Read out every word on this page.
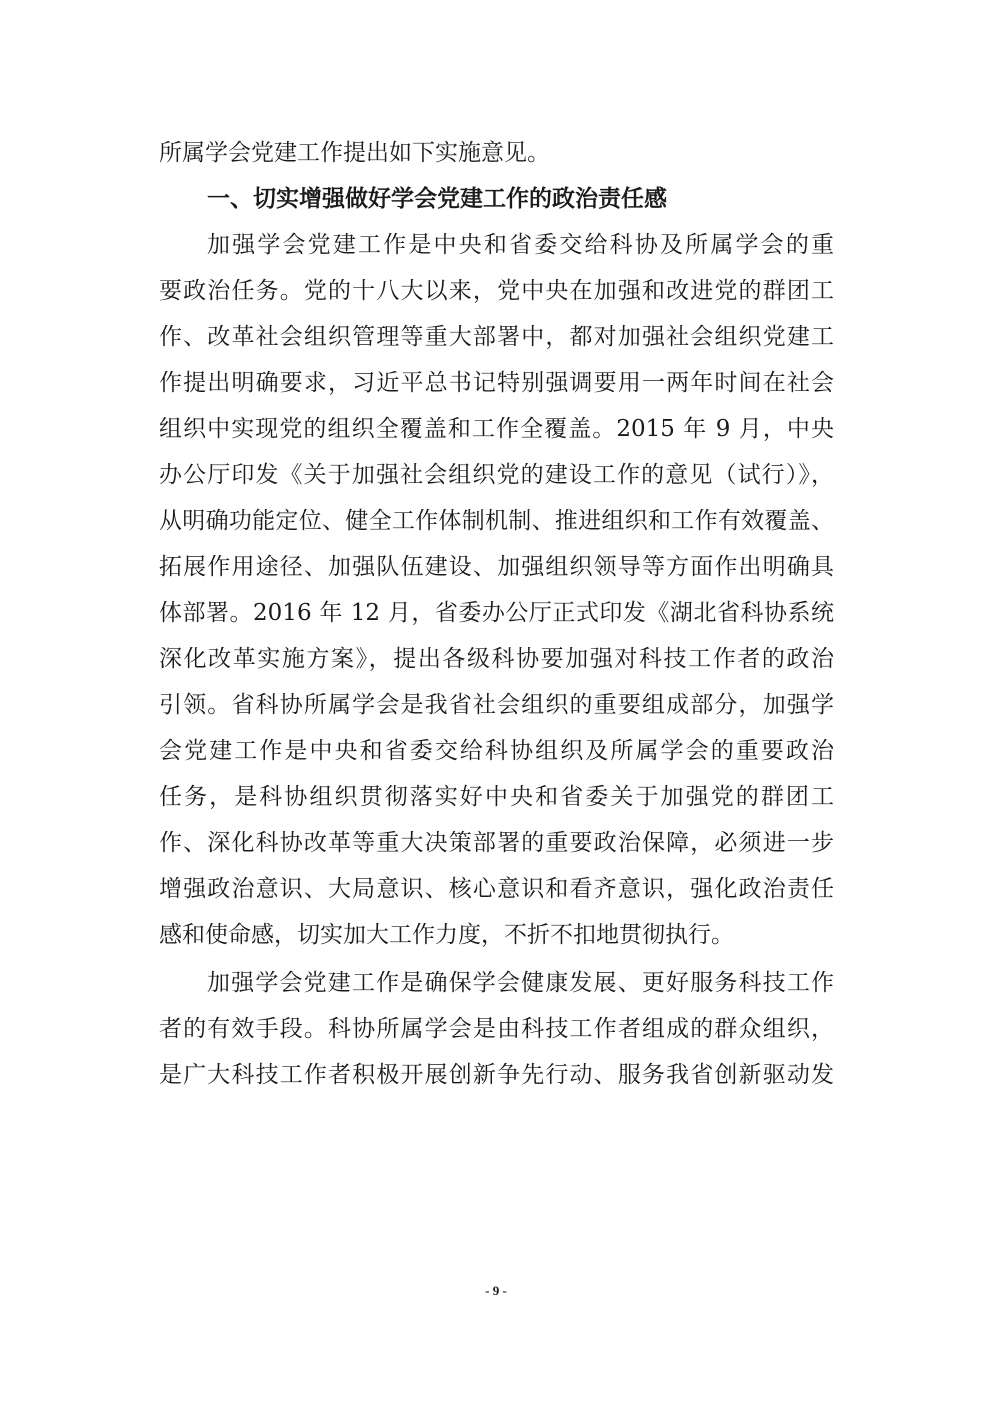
所属学会党建工作提出如下实施意见。
一、切实增强做好学会党建工作的政治责任感
加强学会党建工作是中央和省委交给科协及所属学会的重
要政治任务。党的十八大以来，党中央在加强和改进党的群团工
作、改革社会组织管理等重大部署中，都对加强社会组织党建工
作提出明确要求，习近平总书记特别强调要用一两年时间在社会
组织中实现党的组织全覆盖和工作全覆盖。2015 年 9 月，中央
办公厅印发《关于加强社会组织党的建设工作的意见（试行）》，
从明确功能定位、健全工作体制机制、推进组织和工作有效覆盖、
拓展作用途径、加强队伍建设、加强组织领导等方面作出明确具
体部署。2016 年 12 月，省委办公厅正式印发《湖北省科协系统
深化改革实施方案》，提出各级科协要加强对科技工作者的政治
引领。省科协所属学会是我省社会组织的重要组成部分，加强学
会党建工作是中央和省委交给科协组织及所属学会的重要政治
任务，是科协组织贯彻落实好中央和省委关于加强党的群团工
作、深化科协改革等重大决策部署的重要政治保障，必须进一步
增强政治意识、大局意识、核心意识和看齐意识，强化政治责任
感和使命感，切实加大工作力度，不折不扣地贯彻执行。
加强学会党建工作是确保学会健康发展、更好服务科技工作
者的有效手段。科协所属学会是由科技工作者组成的群众组织，
是广大科技工作者积极开展创新争先行动、服务我省创新驱动发
- 9 -
